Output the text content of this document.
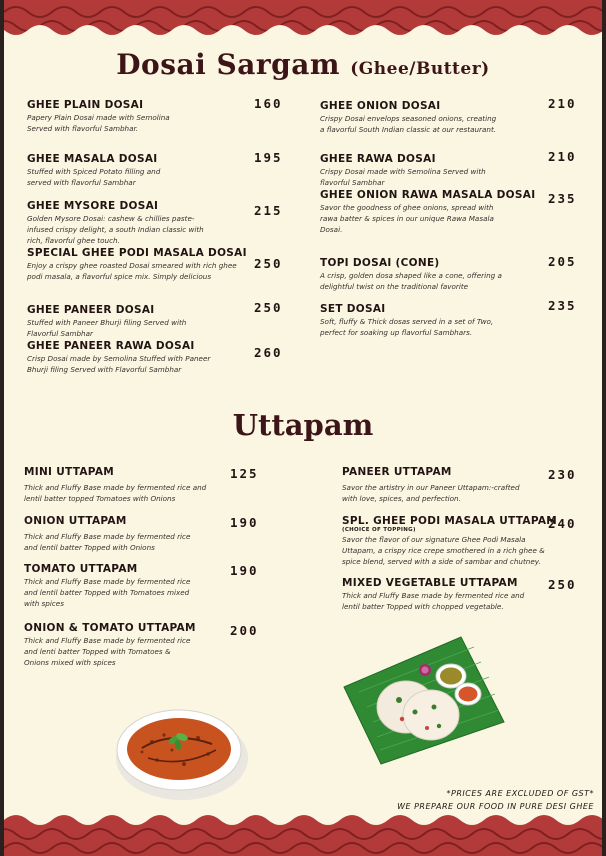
Dosai Sargam (Ghee/Butter)
GHEE PLAIN DOSAI
Papery Plain Dosai made with Semolina Served with flavorful Sambhar.
160
GHEE MASALA DOSAI
Stuffed with Spiced Potato filling and served with flavorful Sambhar
195
GHEE MYSORE DOSAI
Golden Mysore Dosai: cashew & chillies paste-infused crispy delight, a south Indian classic with rich, flavorful ghee touch.
215
SPECIAL GHEE PODI MASALA DOSAI
Enjoy a crispy ghee roasted Dosai smeared with rich ghee podi masala, a flavorful spice mix. Simply delicious
250
GHEE PANEER DOSAI
Stuffed with Paneer Bhurji filing Served with Flavorful Sambhar
250
GHEE PANEER RAWA DOSAI
Crisp Dosai made by Semolina Stuffed with Paneer Bhurji filing Served with Flavorful Sambhar
260
GHEE ONION DOSAI
Crispy Dosai envelops seasoned onions, creating a flavorful South Indian classic at our restaurant.
210
GHEE RAWA DOSAI
Crispy Dosai made with Semolina Served with flavorful Sambhar
210
GHEE ONION RAWA MASALA DOSAI
Savor the goodness of ghee onions, spread with rawa batter & spices in our unique Rawa Masala Dosai.
235
TOPI DOSAI (CONE)
A crisp, golden dosa shaped like a cone, offering a delightful twist on the traditional favorite
205
SET DOSAI
Soft, fluffy & Thick dosas served in a set of Two, perfect for soaking up flavorful Sambhars.
235
Uttapam
MINI UTTAPAM
Thick and Fluffy Base made by fermented rice and lentil batter topped Tomatoes with Onions
125
ONION UTTAPAM
Thick and Fluffy Base made by fermented rice and lentil batter Topped with Onions
190
TOMATO UTTAPAM
Thick and Fluffy Base made by fermented rice and lentil batter Topped with Tomatoes mixed with spices
190
ONION & TOMATO UTTAPAM
Thick and Fluffy Base made by fermented rice and lenti batter Topped with Tomatoes & Onions mixed with spices
200
PANEER UTTAPAM
Savor the artistry in our Paneer Uttapam:-crafted with love, spices, and perfection.
230
SPL. GHEE PODI MASALA UTTAPAM
(CHOICE OF TOPPING)
Savor the flavor of our signature Ghee Podi Masala Uttapam, a crispy rice crepe smothered in a rich ghee & spice blend, served with a side of sambar and chutney.
240
MIXED VEGETABLE UTTAPAM
Thick and Fluffy Base made by fermented rice and lentil batter Topped with chopped vegetable.
250
*PRICES ARE EXCLUDED OF GST*
WE PREPARE OUR FOOD IN PURE DESI GHEE
